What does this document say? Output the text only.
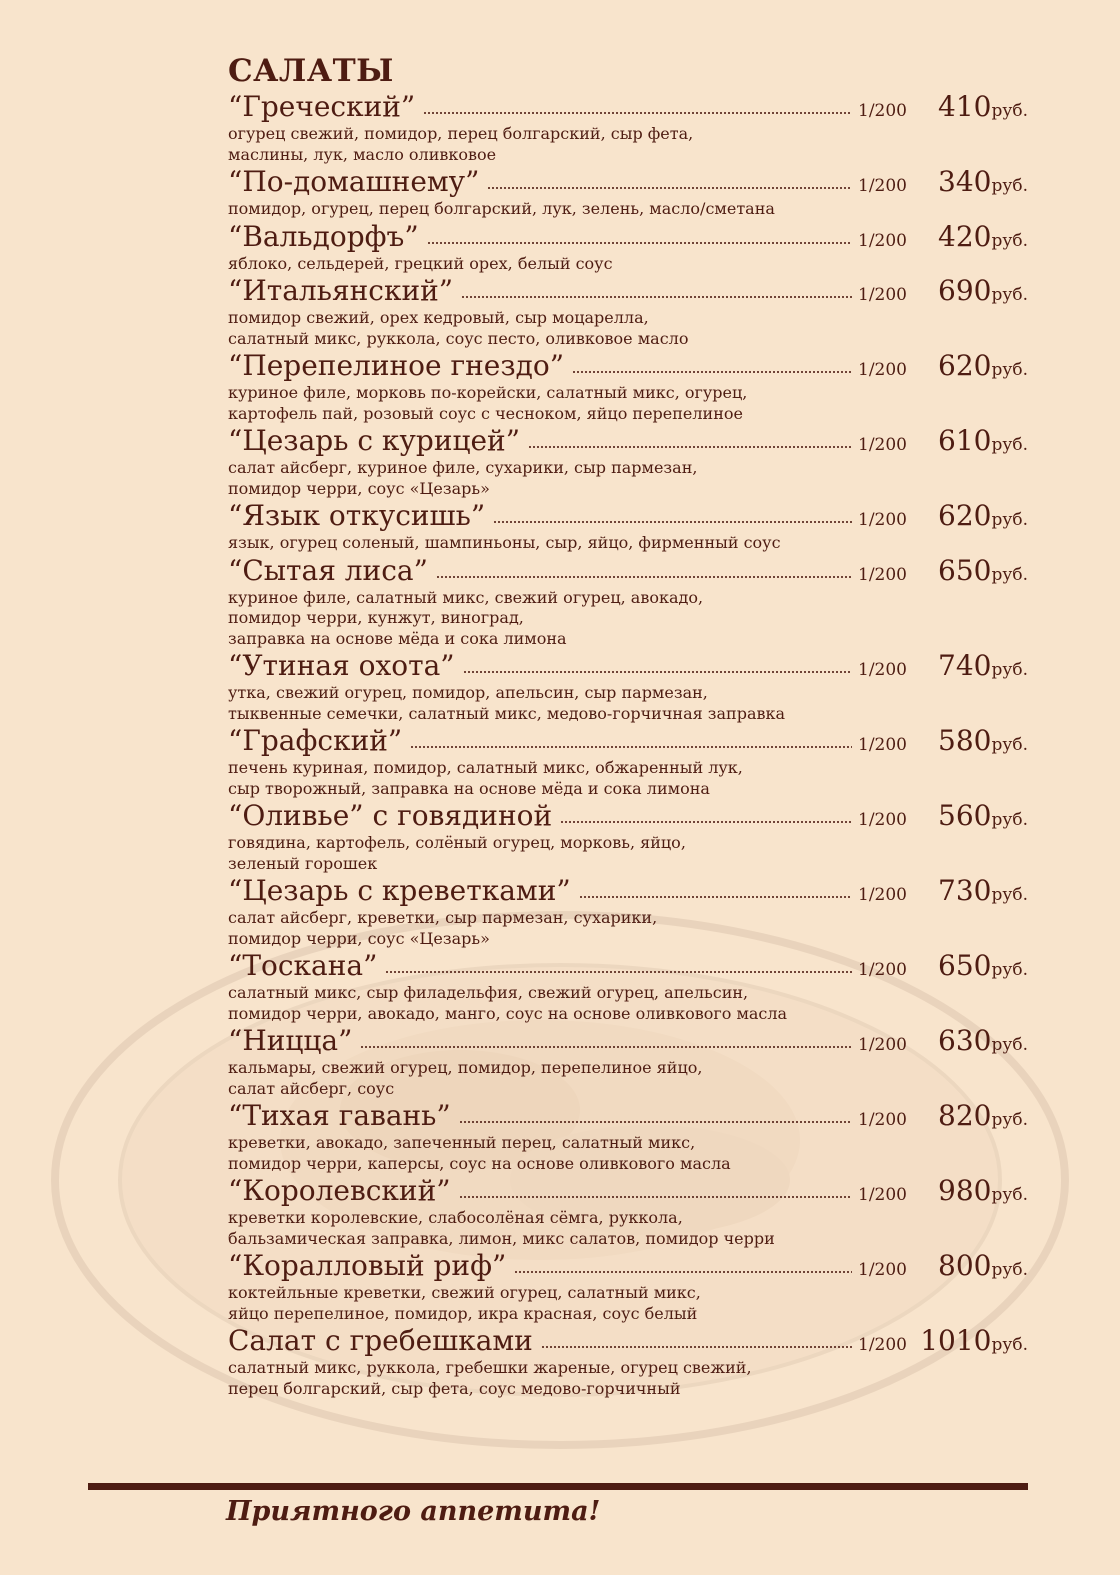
САЛАТЫ
“Греческий”	1/200	410 руб.
огурец свежий, помидор, перец болгарский, сыр фета,
маслины, лук, масло оливковое
“По-домашнему”	1/200	340 руб.
помидор, огурец, перец болгарский, лук, зелень, масло/сметана
“Вальдорфъ”	1/200	420 руб.
яблоко, сельдерей, грецкий орех, белый соус
“Итальянский”	1/200	690 руб.
помидор свежий, орех кедровый, сыр моцарелла,
салатный микс, руккола, соус песто, оливковое масло
“Перепелиное гнездо”	1/200	620 руб.
куриное филе, морковь по-корейски, салатный микс, огурец,
картофель пай, розовый соус с чесноком, яйцо перепелиное
“Цезарь с курицей”	1/200	610 руб.
салат айсберг, куриное филе, сухарики, сыр пармезан,
помидор черри, соус «Цезарь»
“Язык откусишь”	1/200	620 руб.
язык, огурец соленый, шампиньоны, сыр, яйцо, фирменный соус
“Сытая лиса”	1/200	650 руб.
куриное филе, салатный микс, свежий огурец, авокадо,
помидор черри, кунжут, виноград,
заправка на основе мёда и сока лимона
“Утиная охота”	1/200	740 руб.
утка, свежий огурец, помидор, апельсин, сыр пармезан,
тыквенные семечки, салатный микс, медово-горчичная заправка
“Графский”	1/200	580 руб.
печень куриная, помидор, салатный микс, обжаренный лук,
сыр творожный, заправка на основе мёда и сока лимона
“Оливье” с говядиной	1/200	560 руб.
говядина, картофель, солёный огурец, морковь, яйцо,
зеленый горошек
“Цезарь с креветками”	1/200	730 руб.
салат айсберг, креветки, сыр пармезан, сухарики,
помидор черри, соус «Цезарь»
“Тоскана”	1/200	650 руб.
салатный микс, сыр филадельфия, свежий огурец, апельсин,
помидор черри, авокадо, манго, соус на основе оливкового масла
“Ницца”	1/200	630 руб.
кальмары, свежий огурец, помидор, перепелиное яйцо,
салат айсберг, соус
“Тихая гавань”	1/200	820 руб.
креветки, авокадо, запеченный перец, салатный микс,
помидор черри, каперсы, соус на основе оливкового масла
“Королевский”	1/200	980 руб.
креветки королевские, слабосолёная сёмга, руккола,
бальзамическая заправка, лимон, микс салатов, помидор черри
“Коралловый риф”	1/200	800 руб.
коктейльные креветки, свежий огурец, салатный микс,
яйцо перепелиное, помидор, икра красная, соус белый
Салат с гребешками	1/200 1010 руб.
салатный микс, руккола, гребешки жареные, огурец свежий,
перец болгарский, сыр фета, соус медово-горчичный
Приятного аппетита!
